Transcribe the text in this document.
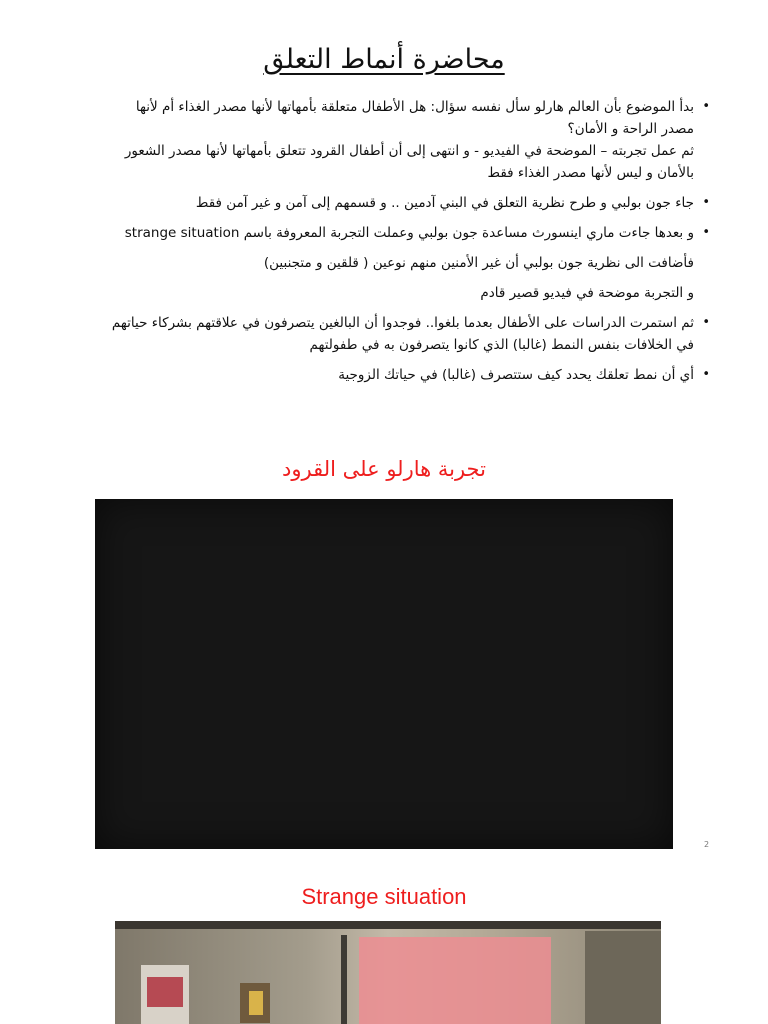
محاضرة أنماط التعلق
• بدأ الموضوع بأن العالم هارلو سأل نفسه سؤال: هل الأطفال متعلقة بأمهاتها لأنها مصدر الغذاء أم لأنها
مصدر الراحة و الأمان؟
ثم عمل تجربته – الموضحة في الفيديو - و انتهى إلى أن أطفال القرود تتعلق بأمهاتها لأنها مصدر الشعور
بالأمان و ليس لأنها مصدر الغذاء فقط
• جاء جون بولبي و طرح نظرية التعلق في البني آدمين .. و قسمهم إلى آمن و غير آمن فقط
• و بعدها جاءت ماري اينسورث مساعدة جون بولبي وعملت التجربة المعروفة باسم strange situation
فأضافت الى نظرية جون بولبي أن غير الأمنين منهم نوعين ( قلقين و متجنبين)
و التجربة موضحة في فيديو قصير قادم
• ثم استمرت الدراسات على الأطفال بعدما بلغوا.. فوجدوا أن البالغين يتصرفون في علاقتهم بشركاء حياتهم
في الخلافات بنفس النمط (غالبا) الذي كانوا يتصرفون به في طفولتهم
• أي أن نمط تعلقك يحدد كيف ستتصرف (غالبا) في حياتك الزوجية
تجربة هارلو على القرود
2
Strange situation
